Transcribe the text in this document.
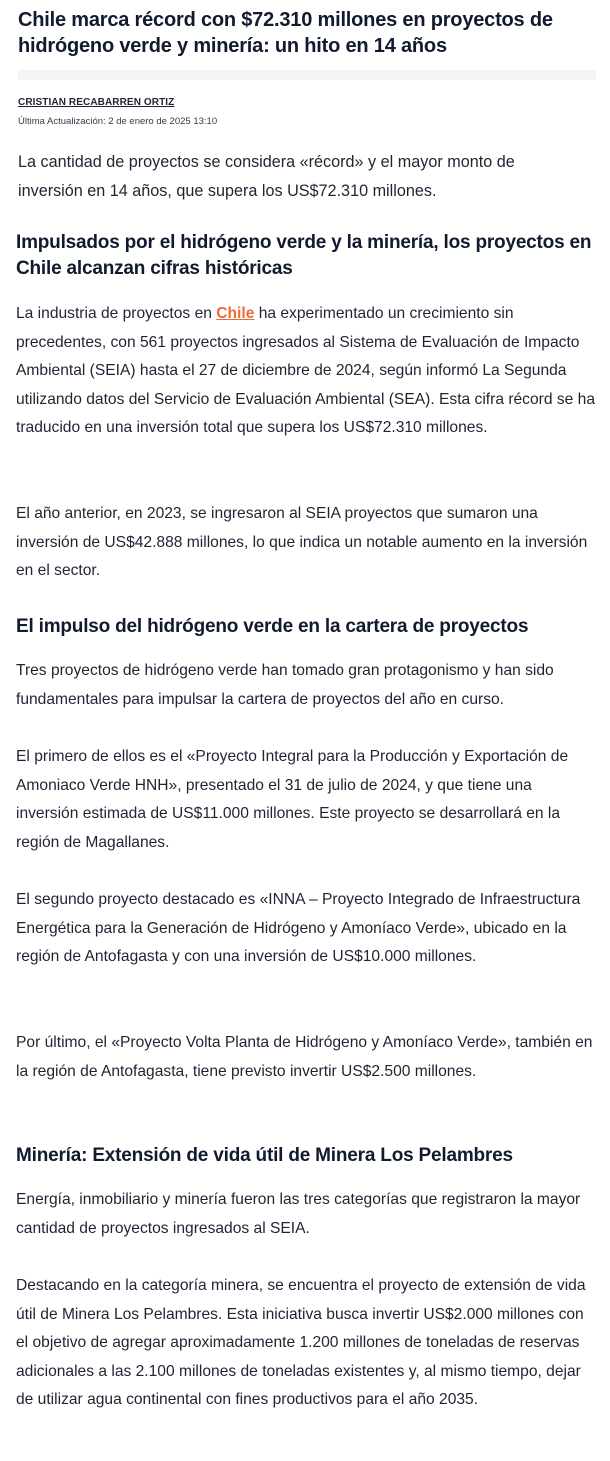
Chile marca récord con $72.310 millones en proyectos de hidrógeno verde y minería: un hito en 14 años
CRISTIAN RECABARREN ORTIZ
Última Actualización: 2 de enero de 2025 13:10

La cantidad de proyectos se considera «récord» y el mayor monto de inversión en 14 años, que supera los US$72.310 millones.

Impulsados por el hidrógeno verde y la minería, los proyectos en Chile alcanzan cifras históricas

La industria de proyectos en Chile ha experimentado un crecimiento sin precedentes, con 561 proyectos ingresados al Sistema de Evaluación de Impacto Ambiental (SEIA) hasta el 27 de diciembre de 2024, según informó La Segunda utilizando datos del Servicio de Evaluación Ambiental (SEA). Esta cifra récord se ha traducido en una inversión total que supera los US$72.310 millones.

El año anterior, en 2023, se ingresaron al SEIA proyectos que sumaron una inversión de US$42.888 millones, lo que indica un notable aumento en la inversión en el sector.

El impulso del hidrógeno verde en la cartera de proyectos

Tres proyectos de hidrógeno verde han tomado gran protagonismo y han sido fundamentales para impulsar la cartera de proyectos del año en curso.

El primero de ellos es el «Proyecto Integral para la Producción y Exportación de Amoniaco Verde HNH», presentado el 31 de julio de 2024, y que tiene una inversión estimada de US$11.000 millones. Este proyecto se desarrollará en la región de Magallanes.

El segundo proyecto destacado es «INNA – Proyecto Integrado de Infraestructura Energética para la Generación de Hidrógeno y Amoníaco Verde», ubicado en la región de Antofagasta y con una inversión de US$10.000 millones.

Por último, el «Proyecto Volta Planta de Hidrógeno y Amoníaco Verde», también en la región de Antofagasta, tiene previsto invertir US$2.500 millones.

Minería: Extensión de vida útil de Minera Los Pelambres

Energía, inmobiliario y minería fueron las tres categorías que registraron la mayor cantidad de proyectos ingresados al SEIA.

Destacando en la categoría minera, se encuentra el proyecto de extensión de vida útil de Minera Los Pelambres. Esta iniciativa busca invertir US$2.000 millones con el objetivo de agregar aproximadamente 1.200 millones de toneladas de reservas adicionales a las 2.100 millones de toneladas existentes y, al mismo tiempo, dejar de utilizar agua continental con fines productivos para el año 2035.
